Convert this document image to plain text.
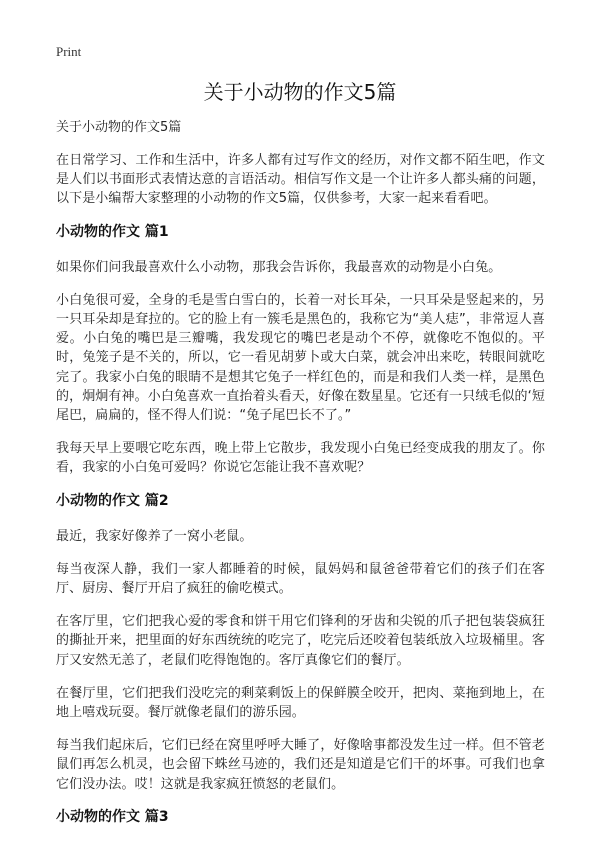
Print
关于小动物的作文5篇
关于小动物的作文5篇

在日常学习、工作和生活中，许多人都有过写作文的经历，对作文都不陌生吧，作文是人们以书面形式表情达意的言语活动。相信写作文是一个让许多人都头痛的问题，以下是小编帮大家整理的小动物的作文5篇，仅供参考，大家一起来看看吧。

小动物的作文 篇1

如果你们问我最喜欢什么小动物，那我会告诉你，我最喜欢的动物是小白兔。

小白兔很可爱，全身的毛是雪白雪白的，长着一对长耳朵，一只耳朵是竖起来的，另一只耳朵却是耷拉的。它的脸上有一簇毛是黑色的，我称它为“美人痣”，非常逗人喜爱。小白兔的嘴巴是三瓣嘴，我发现它的嘴巴老是动个不停，就像吃不饱似的。平时，兔笼子是不关的，所以，它一看见胡萝卜或大白菜，就会冲出来吃，转眼间就吃完了。我家小白兔的眼睛不是想其它兔子一样红色的，而是和我们人类一样，是黑色的，炯炯有神。小白兔喜欢一直抬着头看天，好像在数星星。它还有一只绒毛似的‘短尾巴，扁扁的，怪不得人们说：“兔子尾巴长不了。”

我每天早上要喂它吃东西，晚上带上它散步，我发现小白兔已经变成我的朋友了。你看，我家的小白兔可爱吗？你说它怎能让我不喜欢呢？

小动物的作文 篇2

最近，我家好像养了一窝小老鼠。

每当夜深人静，我们一家人都睡着的时候，鼠妈妈和鼠爸爸带着它们的孩子们在客厅、厨房、餐厅开启了疯狂的偷吃模式。

在客厅里，它们把我心爱的零食和饼干用它们锋利的牙齿和尖锐的爪子把包装袋疯狂的撕扯开来，把里面的好东西统统的吃完了，吃完后还咬着包装纸放入垃圾桶里。客厅又安然无恙了，老鼠们吃得饱饱的。客厅真像它们的餐厅。

在餐厅里，它们把我们没吃完的剩菜剩饭上的保鲜膜全咬开，把肉、菜拖到地上，在地上嘻戏玩耍。餐厅就像老鼠们的游乐园。

每当我们起床后，它们已经在窝里呼呼大睡了，好像啥事都没发生过一样。但不管老鼠们再怎么机灵，也会留下蛛丝马迹的，我们还是知道是它们干的坏事。可我们也拿它们没办法。哎！这就是我家疯狂愤怒的老鼠们。

小动物的作文 篇3
